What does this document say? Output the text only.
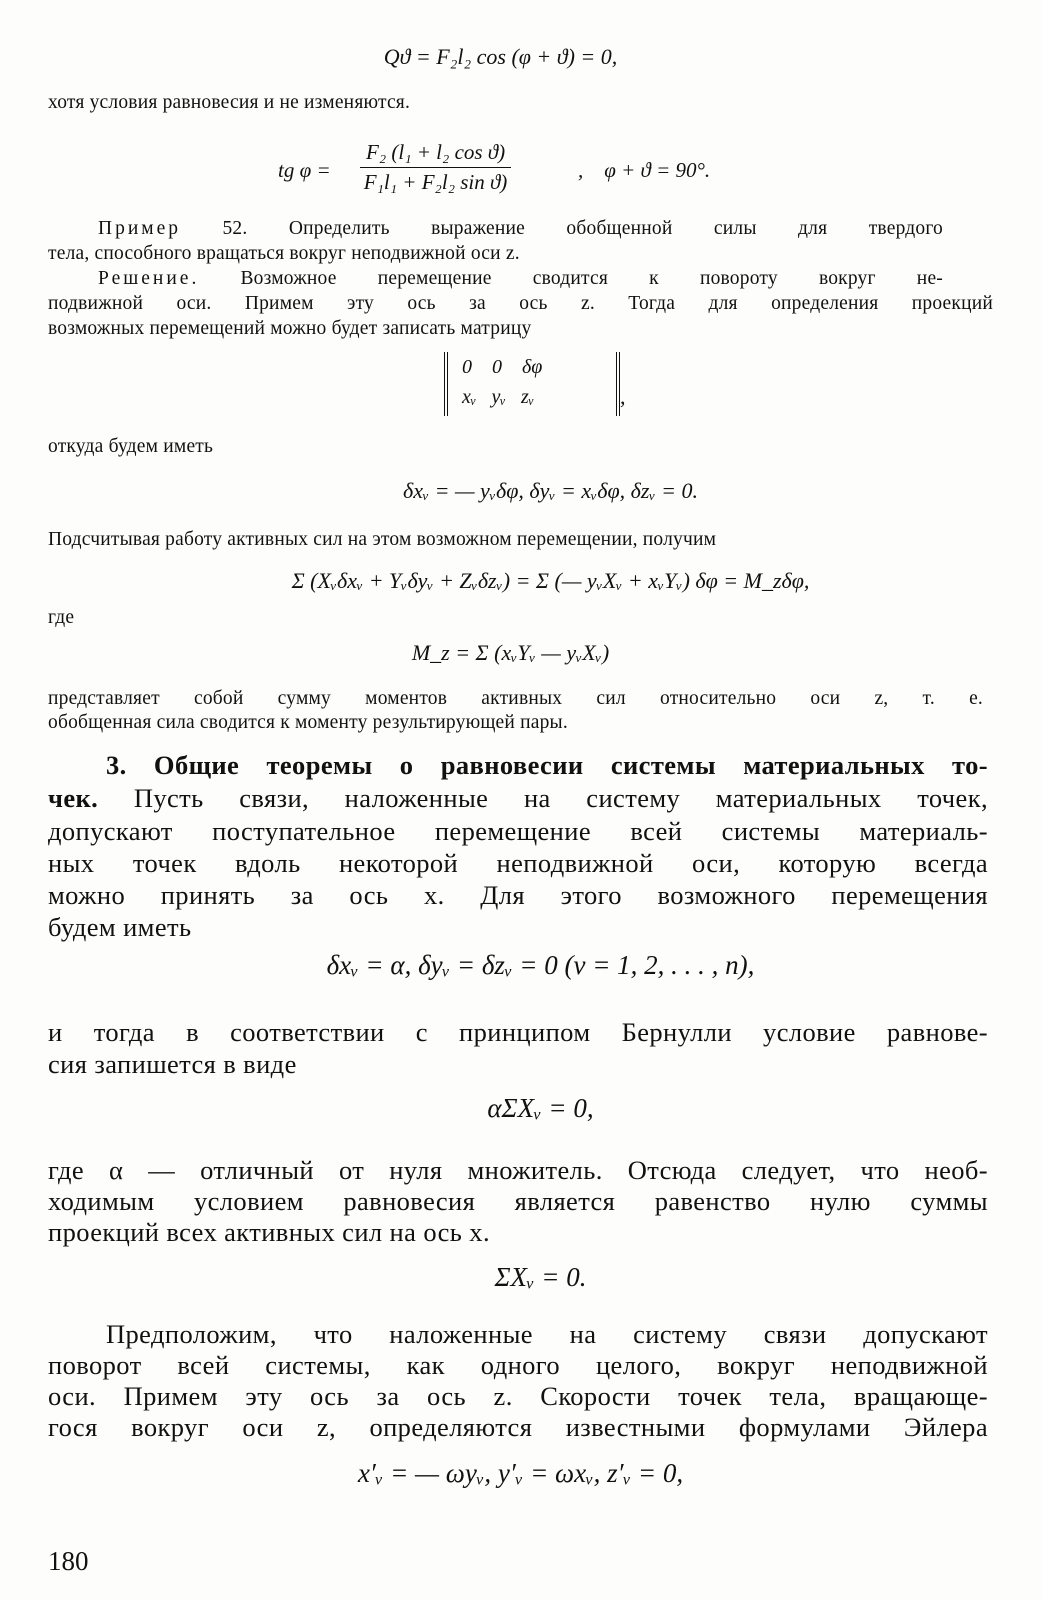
Qϑ = F₂l₂ cos (φ + ϑ) = 0,
хотя условия равновесия и не изменяются.
tg $\varphi = \frac{\text{F₂ (l₁ + l₂ cos ϑ)}}{\text{F₁l₁ + F₂l₂ sin ϑ)}}$	,    φ + ϑ = 90°.
Пример 52. Определить выражение обобщенной силы для твердого
тела, способного вращаться вокруг неподвижной оси z.
Решение. Возможное перемещение сводится к повороту вокруг не-
подвижной оси. Примем эту ось за ось z. Тогда для определения проекций
возможных перемещений можно будет записать матрицу
0    0    δφ
xᵥ   yᵥ   zᵥ	,
откуда будем иметь
δxᵥ = — yᵥδφ, δyᵥ = xᵥδφ, δzᵥ = 0.
Подсчитывая работу активных сил на этом возможном перемещении, получим
Σ (Xᵥδxᵥ + Yᵥδyᵥ + Zᵥδzᵥ) = Σ (— yᵥXᵥ + xᵥYᵥ) δφ = M_zδφ,
где
M_z = Σ (xᵥYᵥ — yᵥXᵥ)
представляет собой сумму моментов активных сил относительно оси z, т. е.
обобщенная сила сводится к моменту результирующей пары.
3. Общие теоремы о равновесии системы материальных то-
чек. Пусть связи, наложенные на систему материальных точек,
допускают поступательное перемещение всей системы материаль-
ных точек вдоль некоторой неподвижной оси, которую всегда
можно принять за ось x. Для этого возможного перемещения
будем иметь
δxᵥ = α, δyᵥ = δzᵥ = 0 (ν = 1, 2, . . . , n),
и тогда в соответствии с принципом Бернулли условие равнове-
сия запишется в виде
αΣXᵥ = 0,
где α — отличный от нуля множитель. Отсюда следует, что необ-
ходимым условием равновесия является равенство нулю суммы
проекций всех активных сил на ось x.
ΣXᵥ = 0.
Предположим, что наложенные на систему связи допускают
поворот всей системы, как одного целого, вокруг неподвижной
оси. Примем эту ось за ось z. Скорости точек тела, вращающе-
гося вокруг оси z, определяются известными формулами Эйлера
x′ᵥ = — ωyᵥ, y′ᵥ = ωxᵥ, z′ᵥ = 0,
180
